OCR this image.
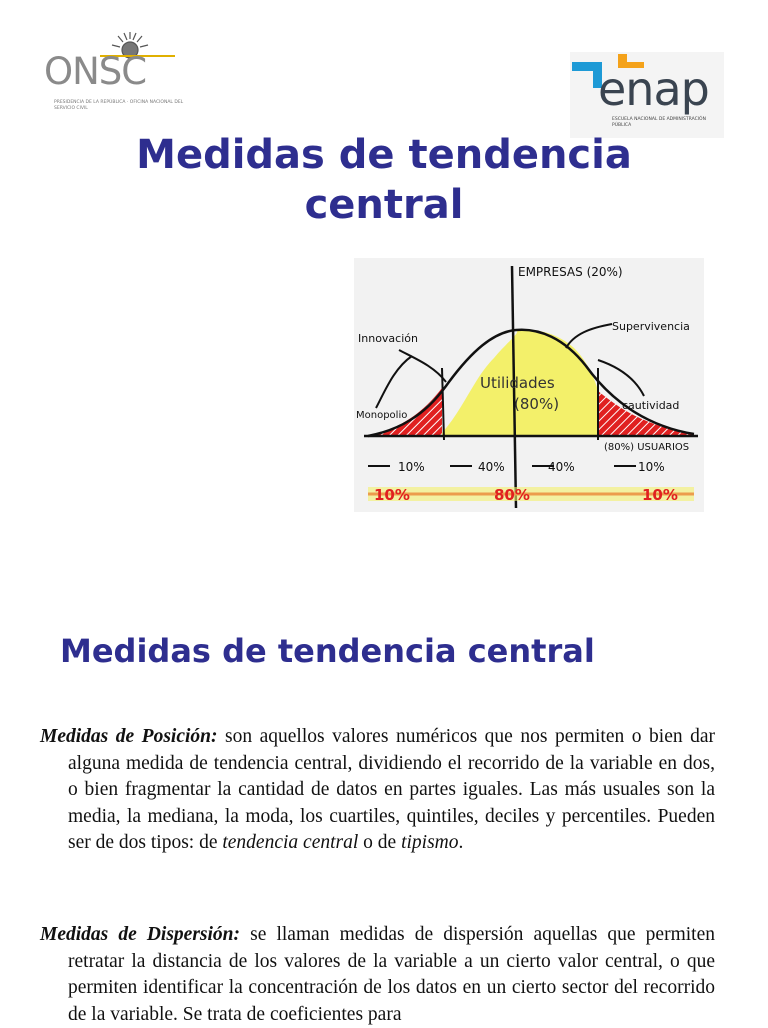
ONSC
PRESIDENCIA DE LA REPÚBLICA · OFICINA NACIONAL DEL SERVICIO CIVIL	enap
ESCUELA NACIONAL DE ADMINISTRACIÓN PÚBLICA
Medidas de tendencia central
EMPRESAS (20%)
Innovación
Supervivencia
Monopolio
cautividad
Utilidades
(80%)
(80%) USUARIOS
10%	40%	40%	10%
10%	80%	10%
Medidas de tendencia central
Medidas de Posición: son aquellos valores numéricos que nos permiten o bien dar alguna medida de tendencia central, dividiendo el recorrido de la variable en dos, o bien fragmentar la cantidad de datos en partes iguales. Las más usuales son la media, la mediana, la moda, los cuartiles, quintiles, deciles y percentiles. Pueden ser de dos tipos: de tendencia central o de tipismo.
Medidas de Dispersión: se llaman medidas de dispersión aquellas que permiten retratar la distancia de los valores de la variable a un cierto valor central, o que permiten identificar la concentración de los datos en un cierto sector del recorrido de la variable. Se trata de coeficientes para
